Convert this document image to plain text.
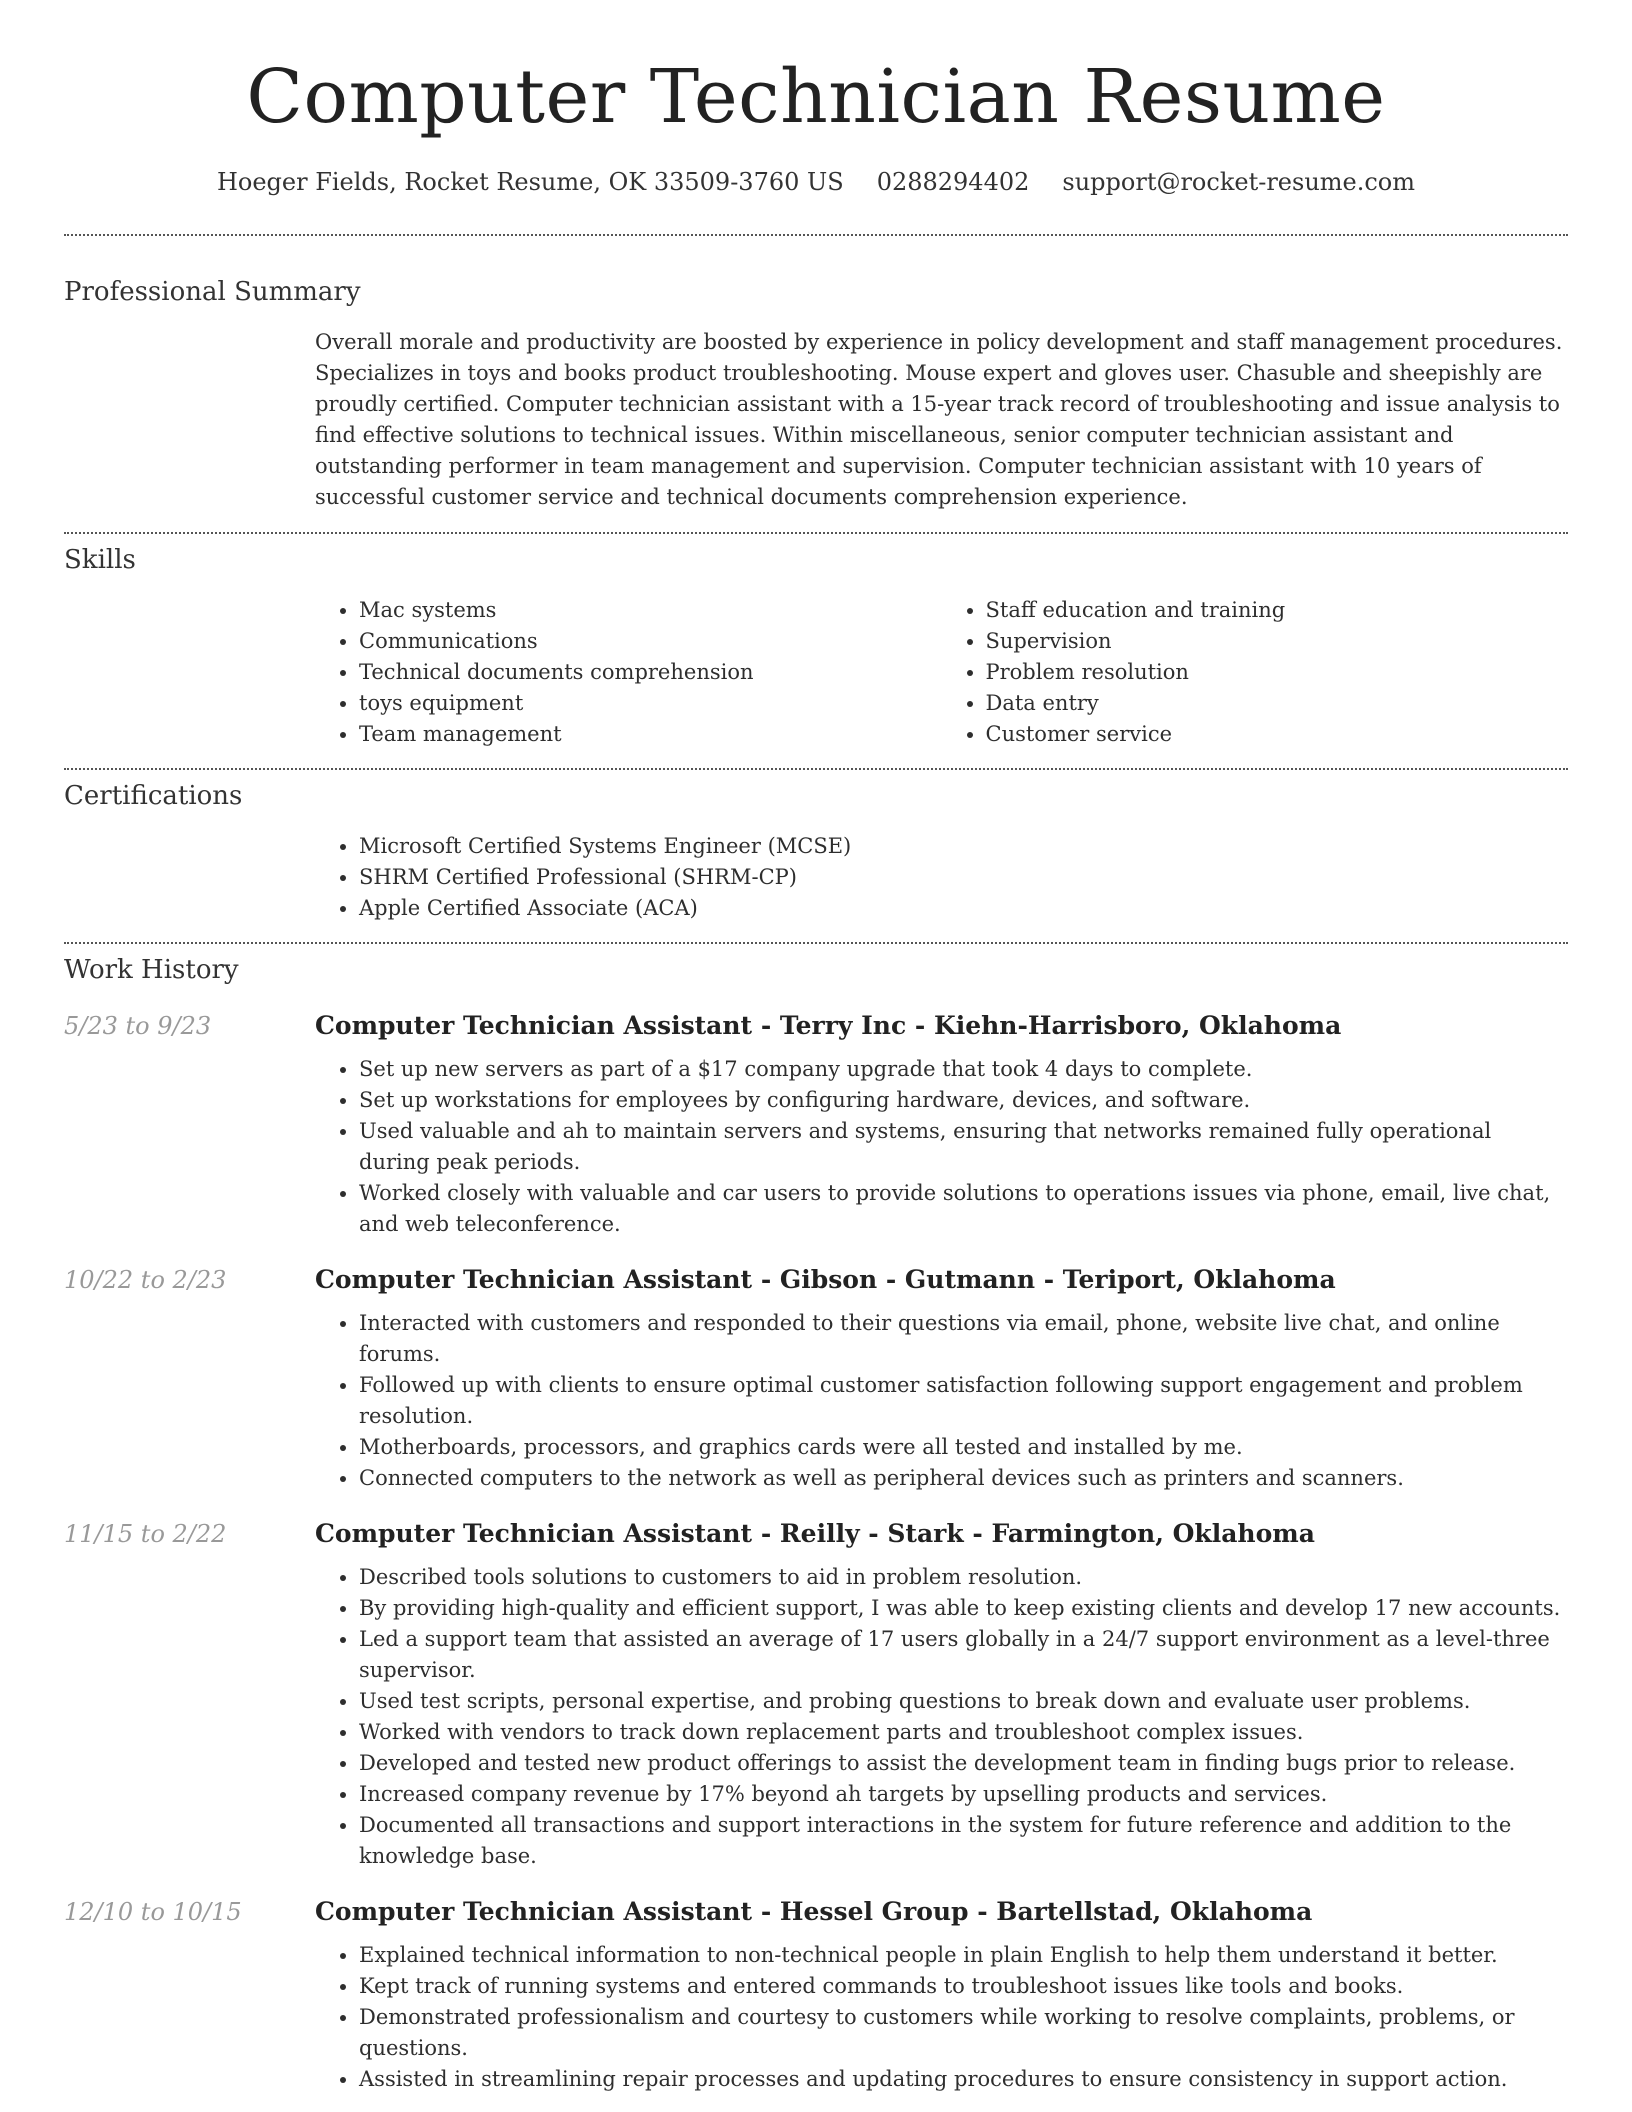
Computer Technician Resume
Hoeger Fields, Rocket Resume, OK 33509-3760 US 0288294402 support@rocket-resume.com
Professional Summary

Overall morale and productivity are boosted by experience in policy development and staff management procedures. Specializes in toys and books product troubleshooting. Mouse expert and gloves user. Chasuble and sheepishly are proudly certified. Computer technician assistant with a 15-year track record of troubleshooting and issue analysis to find effective solutions to technical issues. Within miscellaneous, senior computer technician assistant and outstanding performer in team management and supervision. Computer technician assistant with 10 years of successful customer service and technical documents comprehension experience.

Skills
• Mac systems
• Communications
• Technical documents comprehension
• toys equipment
• Team management
• Staff education and training
• Supervision
• Problem resolution
• Data entry
• Customer service
Certifications
• Microsoft Certified Systems Engineer (MCSE)
• SHRM Certified Professional (SHRM-CP)
• Apple Certified Associate (ACA)
Work History
5/23 to 9/23	Computer Technician Assistant - Terry Inc - Kiehn-Harrisboro, Oklahoma
• Set up new servers as part of a $17 company upgrade that took 4 days to complete.
• Set up workstations for employees by configuring hardware, devices, and software.
• Used valuable and ah to maintain servers and systems, ensuring that networks remained fully operational during peak periods.
• Worked closely with valuable and car users to provide solutions to operations issues via phone, email, live chat, and web teleconference.
10/22 to 2/23	Computer Technician Assistant - Gibson - Gutmann - Teriport, Oklahoma
• Interacted with customers and responded to their questions via email, phone, website live chat, and online forums.
• Followed up with clients to ensure optimal customer satisfaction following support engagement and problem resolution.
• Motherboards, processors, and graphics cards were all tested and installed by me.
• Connected computers to the network as well as peripheral devices such as printers and scanners.
11/15 to 2/22	Computer Technician Assistant - Reilly - Stark - Farmington, Oklahoma
• Described tools solutions to customers to aid in problem resolution.
• By providing high-quality and efficient support, I was able to keep existing clients and develop 17 new accounts.
• Led a support team that assisted an average of 17 users globally in a 24/7 support environment as a level-three supervisor.
• Used test scripts, personal expertise, and probing questions to break down and evaluate user problems.
• Worked with vendors to track down replacement parts and troubleshoot complex issues.
• Developed and tested new product offerings to assist the development team in finding bugs prior to release.
• Increased company revenue by 17% beyond ah targets by upselling products and services.
• Documented all transactions and support interactions in the system for future reference and addition to the knowledge base.
12/10 to 10/15	Computer Technician Assistant - Hessel Group - Bartellstad, Oklahoma
• Explained technical information to non-technical people in plain English to help them understand it better.
• Kept track of running systems and entered commands to troubleshoot issues like tools and books.
• Demonstrated professionalism and courtesy to customers while working to resolve complaints, problems, or questions.
• Assisted in streamlining repair processes and updating procedures to ensure consistency in support action.
